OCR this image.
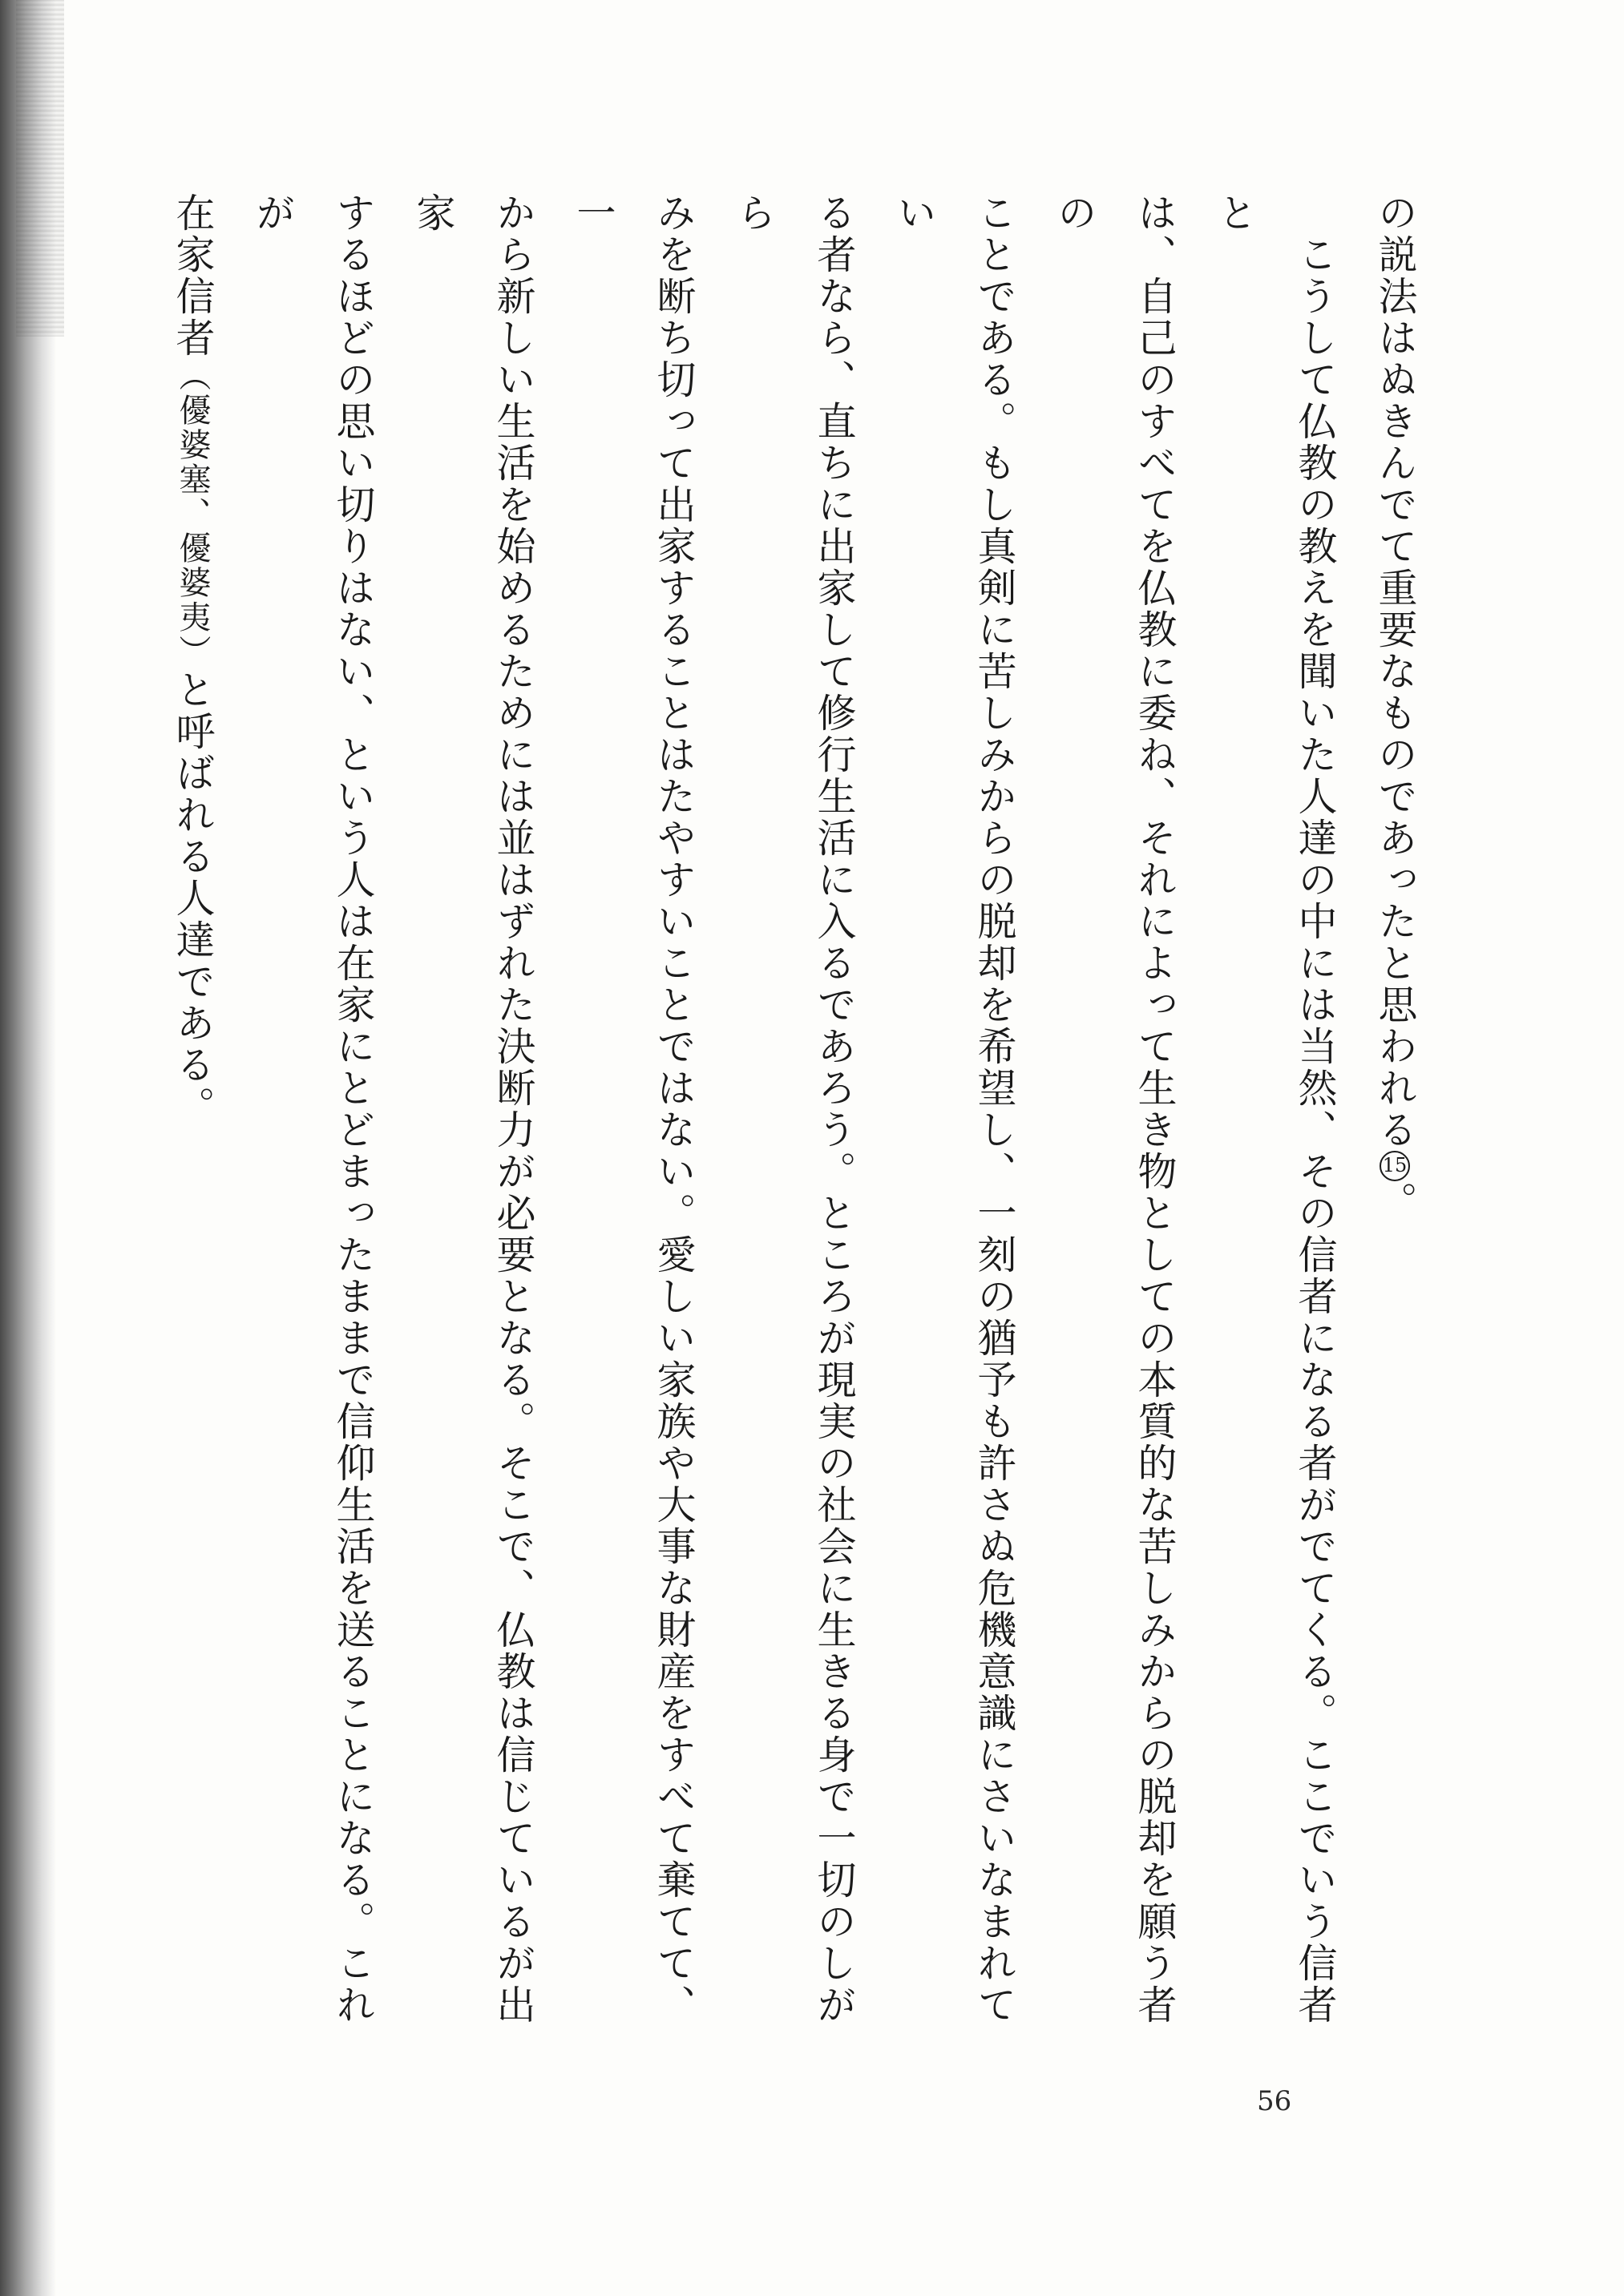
の説法はぬきんでて重要なものであったと思われる15。
　こうして仏教の教えを聞いた人達の中には当然、その信者になる者がでてくる。ここでいう信者と
は、自己のすべてを仏教に委ね、それによって生き物としての本質的な苦しみからの脱却を願う者の
ことである。もし真剣に苦しみからの脱却を希望し、一刻の猶予も許さぬ危機意識にさいなまれてい
る者なら、直ちに出家して修行生活に入るであろう。ところが現実の社会に生きる身で一切のしがら
みを断ち切って出家することはたやすいことではない。愛しい家族や大事な財産をすべて棄てて、一
から新しい生活を始めるためには並はずれた決断力が必要となる。そこで、仏教は信じているが出家
するほどの思い切りはない、という人は在家にとどまったままで信仰生活を送ることになる。これが
在家信者（優婆塞、優婆夷）と呼ばれる人達である。

56
